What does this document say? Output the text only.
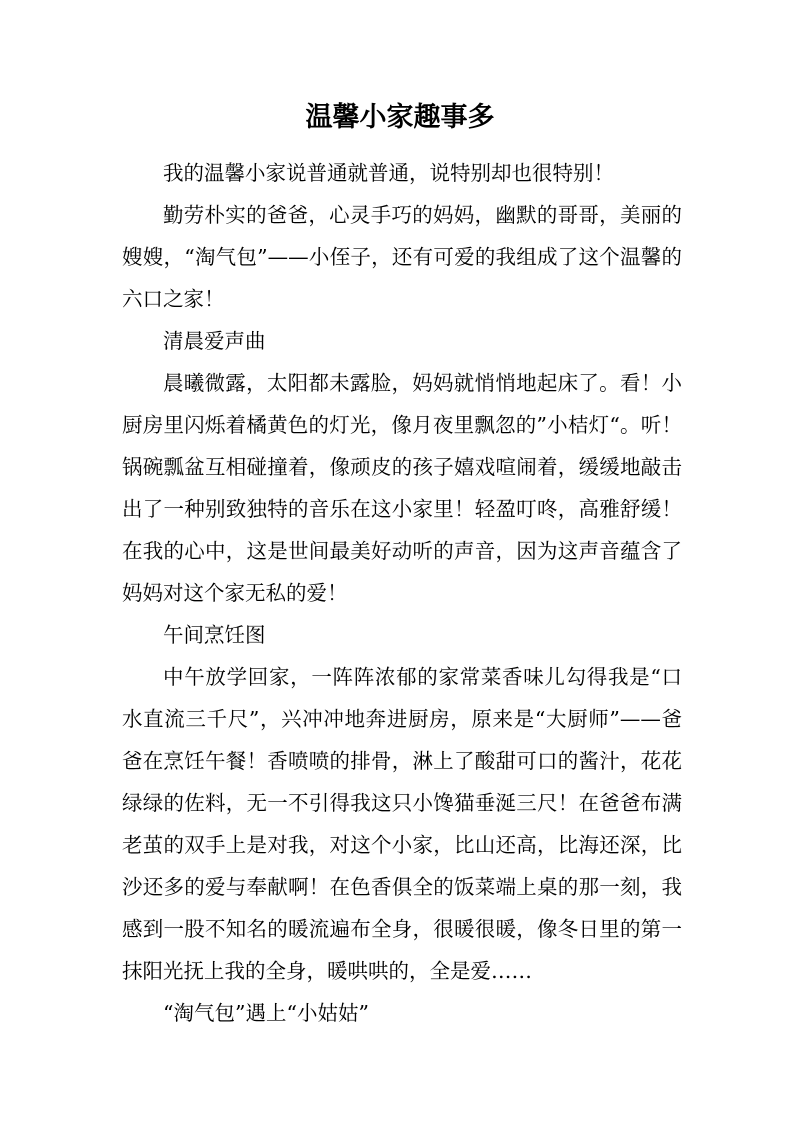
温馨小家趣事多

我的温馨小家说普通就普通，说特别却也很特别！

勤劳朴实的爸爸，心灵手巧的妈妈，幽默的哥哥，美丽的嫂嫂，“淘气包”——小侄子，还有可爱的我组成了这个温馨的六口之家！

清晨爱声曲

晨曦微露，太阳都未露脸，妈妈就悄悄地起床了。看！小厨房里闪烁着橘黄色的灯光，像月夜里飘忽的”小桔灯“。听！锅碗瓢盆互相碰撞着，像顽皮的孩子嬉戏喧闹着，缓缓地敲击出了一种别致独特的音乐在这小家里！轻盈叮咚，高雅舒缓！在我的心中，这是世间最美好动听的声音，因为这声音蕴含了妈妈对这个家无私的爱！

午间烹饪图

中午放学回家，一阵阵浓郁的家常菜香味儿勾得我是“口水直流三千尺”，兴冲冲地奔进厨房，原来是“大厨师”——爸爸在烹饪午餐！香喷喷的排骨，淋上了酸甜可口的酱汁，花花绿绿的佐料，无一不引得我这只小馋猫垂涎三尺！在爸爸布满老茧的双手上是对我，对这个小家，比山还高，比海还深，比沙还多的爱与奉献啊！在色香俱全的饭菜端上桌的那一刻，我感到一股不知名的暖流遍布全身，很暖很暖，像冬日里的第一抹阳光抚上我的全身，暖哄哄的，全是爱……

“淘气包”遇上“小姑姑”
